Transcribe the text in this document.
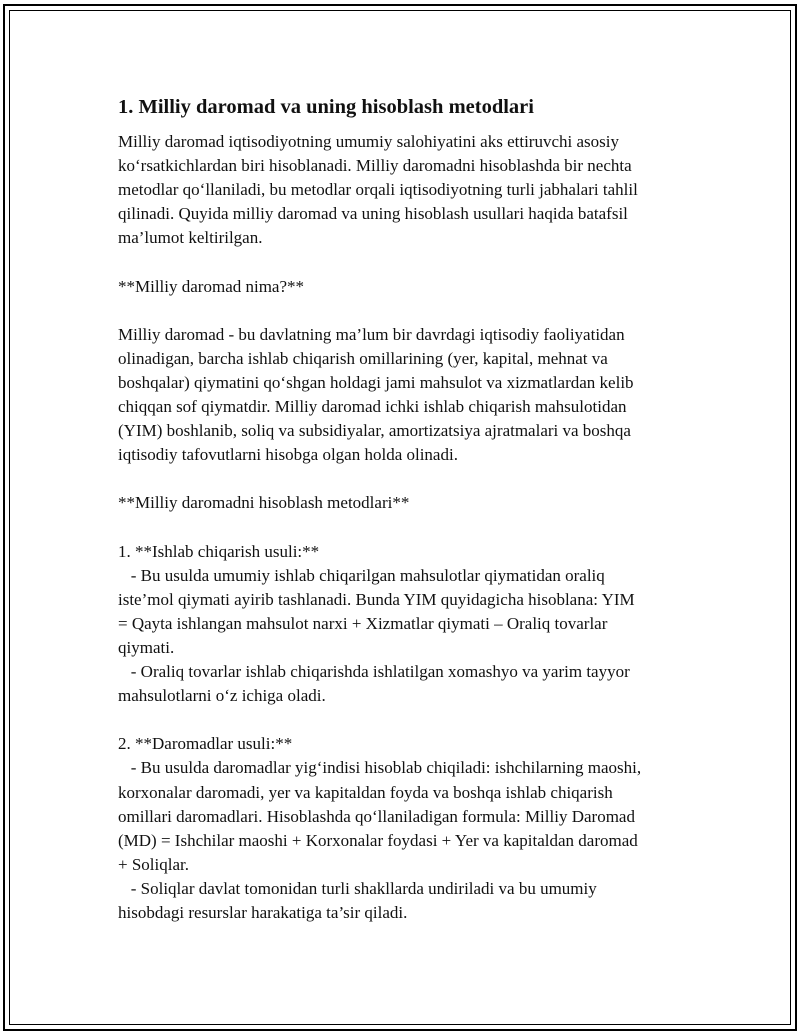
1. Milliy daromad va uning hisoblash metodlari

Milliy daromad iqtisodiyotning umumiy salohiyatini aks ettiruvchi asosiy
ko‘rsatkichlardan biri hisoblanadi. Milliy daromadni hisoblashda bir nechta
metodlar qo‘llaniladi, bu metodlar orqali iqtisodiyotning turli jabhalari tahlil
qilinadi. Quyida milliy daromad va uning hisoblash usullari haqida batafsil
ma’lumot keltirilgan.

**Milliy daromad nima?**

Milliy daromad - bu davlatning ma’lum bir davrdagi iqtisodiy faoliyatidan
olinadigan, barcha ishlab chiqarish omillarining (yer, kapital, mehnat va
boshqalar) qiymatini qo‘shgan holdagi jami mahsulot va xizmatlardan kelib
chiqqan sof qiymatdir. Milliy daromad ichki ishlab chiqarish mahsulotidan
(YIM) boshlanib, soliq va subsidiyalar, amortizatsiya ajratmalari va boshqa
iqtisodiy tafovutlarni hisobga olgan holda olinadi.

**Milliy daromadni hisoblash metodlari**

1. **Ishlab chiqarish usuli:**
- Bu usulda umumiy ishlab chiqarilgan mahsulotlar qiymatidan oraliq
iste’mol qiymati ayirib tashlanadi. Bunda YIM quyidagicha hisoblana: YIM
= Qayta ishlangan mahsulot narxi + Xizmatlar qiymati – Oraliq tovarlar
qiymati.
- Oraliq tovarlar ishlab chiqarishda ishlatilgan xomashyo va yarim tayyor
mahsulotlarni o‘z ichiga oladi.

2. **Daromadlar usuli:**
- Bu usulda daromadlar yig‘indisi hisoblab chiqiladi: ishchilarning maoshi,
korxonalar daromadi, yer va kapitaldan foyda va boshqa ishlab chiqarish
omillari daromadlari. Hisoblashda qo‘llaniladigan formula: Milliy Daromad
(MD) = Ishchilar maoshi + Korxonalar foydasi + Yer va kapitaldan daromad
+ Soliqlar.
- Soliqlar davlat tomonidan turli shakllarda undiriladi va bu umumiy
hisobdagi resurslar harakatiga ta’sir qiladi.
